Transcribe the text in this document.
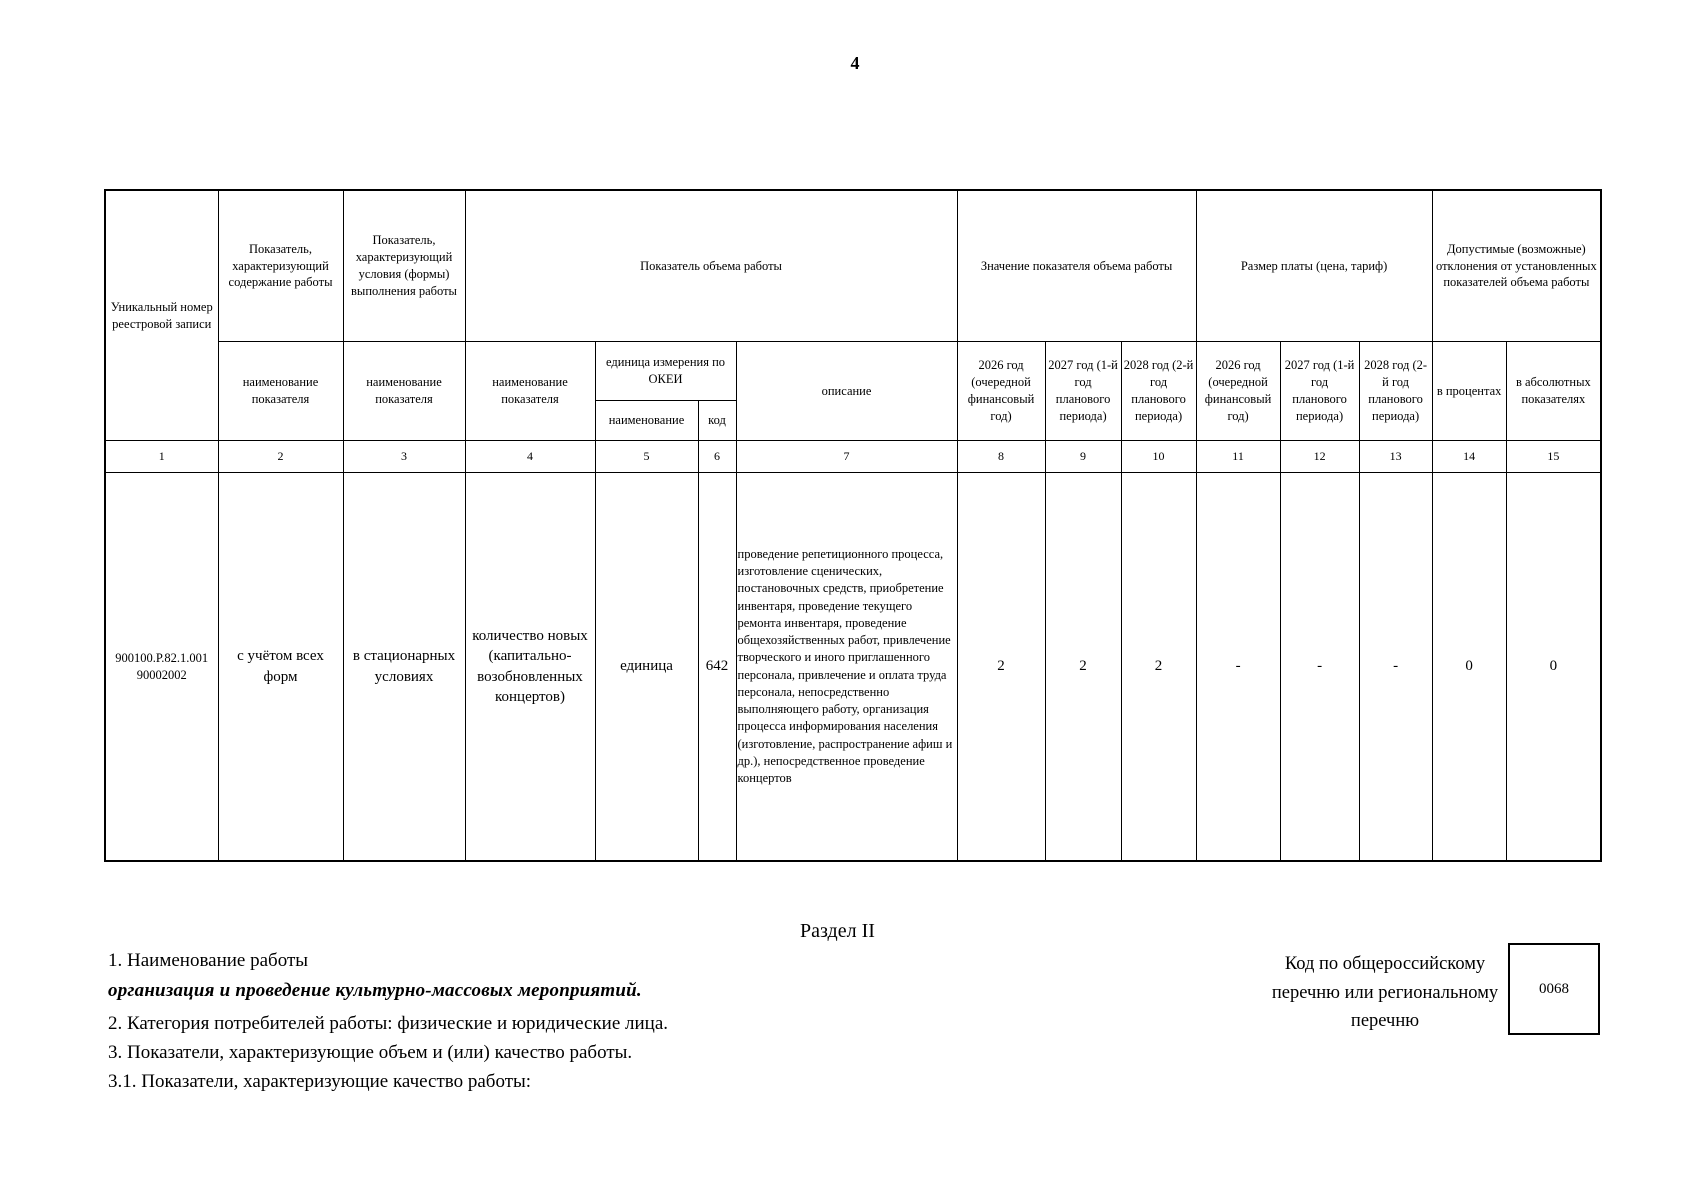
4
Уникальный номер реестровой записи	Показатель, характеризующий содержание работы	Показатель, характеризующий условия (формы) выполнения работы	Показатель объема работы				Значение показателя объема работы			Размер платы (цена, тариф)			Допустимые (возможные) отклонения от установленных показателей объема работы	
	наименование показателя	наименование показателя	наименование показателя	единица измерения по ОКЕИ		описание	2026 год (очередной финансовый год)	2027 год (1-й год планового периода)	2028 год (2-й год планового периода)	2026 год (очередной финансовый год)	2027 год (1-й год планового периода)	2028 год (2-й год планового периода)	в процентах	в абсолютных показателях
				наименование	код									
1	2	3	4	5	6	7	8	9	10	11	12	13	14	15
900100.Р.82.1.001 90002002	с учётом всех форм	в стационарных условиях	количество новых (капитально-возобновленных концертов)	единица	642	проведение репетиционного процесса, изготовление сценических, постановочных средств, приобретение инвентаря, проведение текущего ремонта инвентаря, проведение общехозяйственных работ, привлечение творческого и иного приглашенного персонала, привлечение и оплата труда персонала, непосредственно выполняющего работу, организация процесса информирования населения (изготовление, распространение афиш и др.), непосредственное проведение концертов	2	2	2	-	-	-	0	0
Раздел II
1. Наименование работы
организация и проведение культурно-массовых мероприятий.
2. Категория потребителей работы: физические и юридические лица.
3. Показатели, характеризующие объем и (или) качество работы.
3.1. Показатели, характеризующие качество работы:
Код по общероссийскому перечню или региональному перечню
0068
